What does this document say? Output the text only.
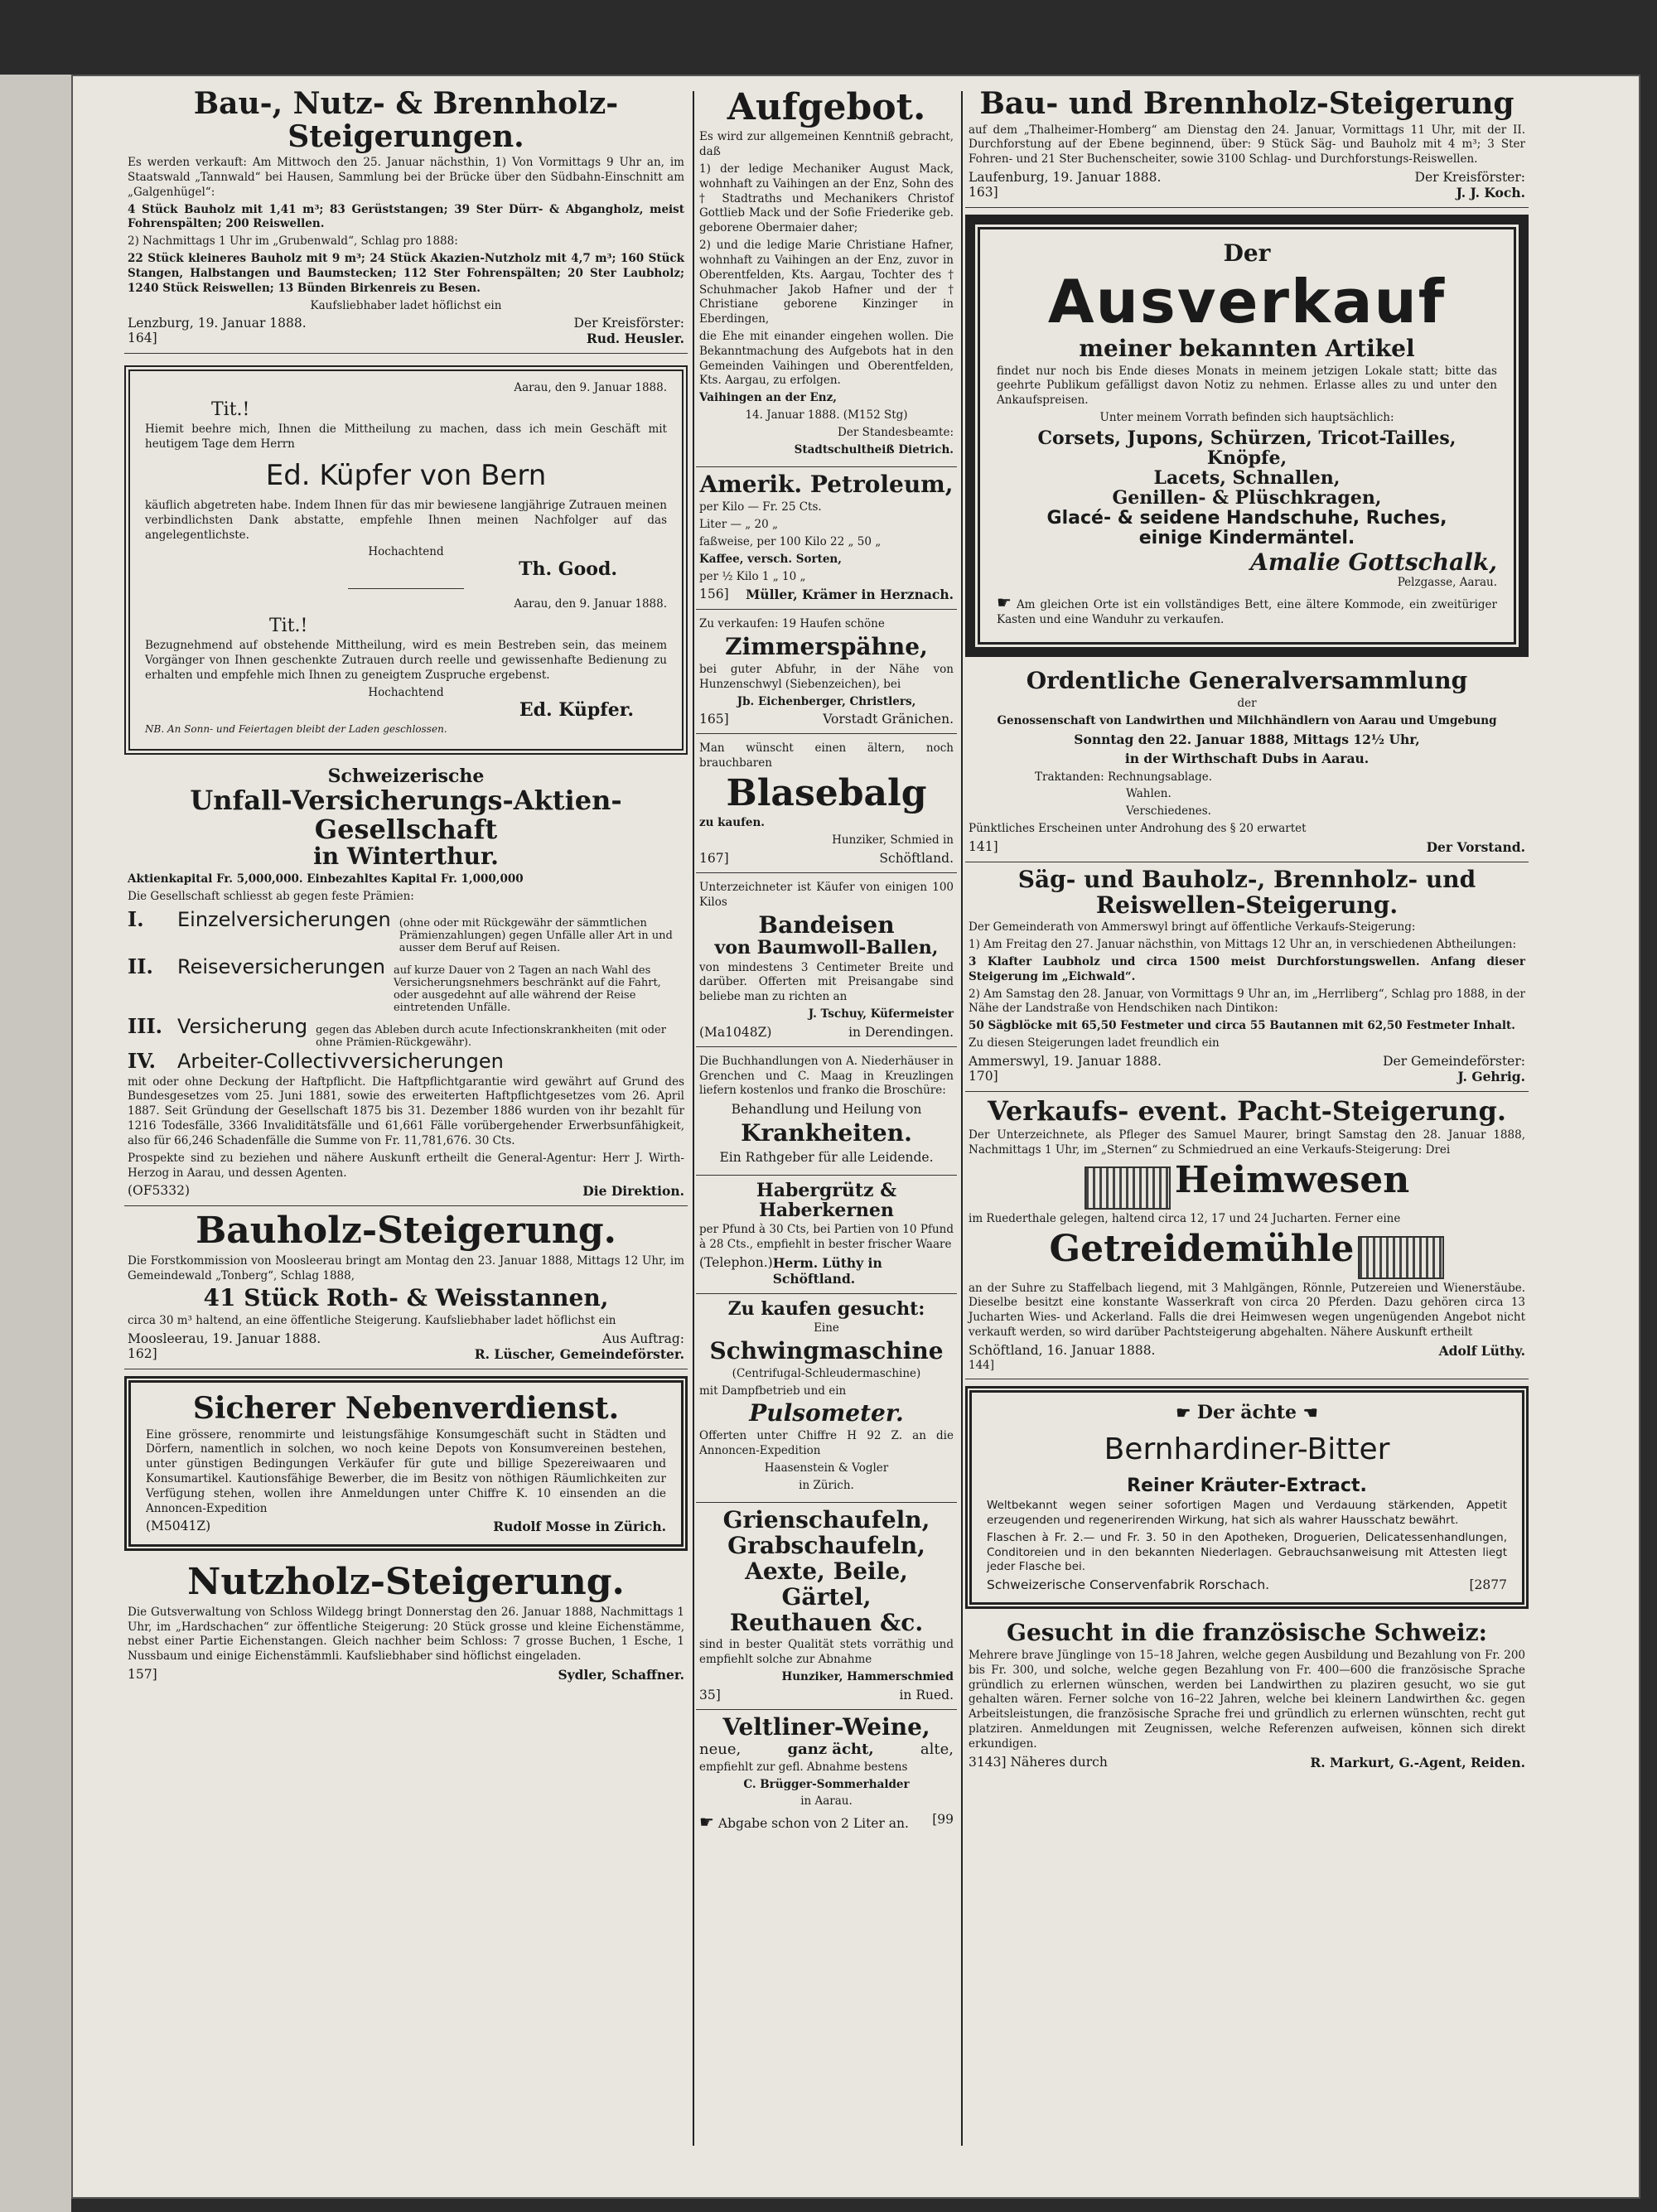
Bau-, Nutz- & Brennholz-Steigerungen.

Es werden verkauft: Am Mittwoch den 25. Januar nächsthin, 1) Von Vormittags 9 Uhr an, im Staatswald „Tannwald“ bei Hausen, Sammlung bei der Brücke über den Südbahn-Einschnitt am „Galgenhügel“:

4 Stück Bauholz mit 1,41 m³; 83 Gerüststangen; 39 Ster Dürr- & Abgangholz, meist Fohrenspälten; 200 Reiswellen.

2) Nachmittags 1 Uhr im „Grubenwald“, Schlag pro 1888:

22 Stück kleineres Bauholz mit 9 m³; 24 Stück Akazien-Nutzholz mit 4,7 m³; 160 Stück Stangen, Halbstangen und Baumstecken; 112 Ster Fohrenspälten; 20 Ster Laubholz; 1240 Stück Reiswellen; 13 Bünden Birkenreis zu Besen.

Kaufsliebhaber ladet höflichst ein

Lenzburg, 19. Januar 1888.	Der Kreisförster:
164]	Rud. Heusler.
Aarau, den 9. Januar 1888.
Tit.!

Hiemit beehre mich, Ihnen die Mittheilung zu machen, dass ich mein Geschäft mit heutigem Tage dem Herrn

Ed. Küpfer von Bern

käuflich abgetreten habe. Indem Ihnen für das mir bewiesene langjährige Zutrauen meinen verbindlichsten Dank abstatte, empfehle Ihnen meinen Nachfolger auf das angelegentlichste.

Hochachtend
Th. Good.
Aarau, den 9. Januar 1888.
Tit.!

Bezugnehmend auf obstehende Mittheilung, wird es mein Bestreben sein, das meinem Vorgänger von Ihnen geschenkte Zutrauen durch reelle und gewissenhafte Bedienung zu erhalten und empfehle mich Ihnen zu geneigtem Zuspruche ergebenst.

Hochachtend
Ed. Küpfer.

NB. An Sonn- und Feiertagen bleibt der Laden geschlossen.

Schweizerische
Unfall-Versicherungs-Aktien-Gesellschaft
in Winterthur.

Aktienkapital Fr. 5,000,000. Einbezahltes Kapital Fr. 1,000,000

Die Gesellschaft schliesst ab gegen feste Prämien:

I.	Einzelversicherungen (ohne oder mit Rückgewähr der sämmtlichen Prämienzahlungen) gegen Unfälle aller Art in und ausser dem Beruf auf Reisen.
II.	Reiseversicherungen auf kurze Dauer von 2 Tagen an nach Wahl des Versicherungsnehmers beschränkt auf die Fahrt, oder ausgedehnt auf alle während der Reise eintretenden Unfälle.
III. Versicherung gegen das Ableben durch acute Infectionskrankheiten (mit oder ohne Prämien-Rückgewähr).
IV.	Arbeiter-Collectivversicherungen

mit oder ohne Deckung der Haftpflicht. Die Haftpflichtgarantie wird gewährt auf Grund des Bundesgesetzes vom 25. Juni 1881, sowie des erweiterten Haftpflichtgesetzes vom 26. April 1887. Seit Gründung der Gesellschaft 1875 bis 31. Dezember 1886 wurden von ihr bezahlt für 1216 Todesfälle, 3366 Invaliditätsfälle und 61,661 Fälle vorübergehender Erwerbsunfähigkeit, also für 66,246 Schadenfälle die Summe von Fr. 11,781,676. 30 Cts.

Prospekte sind zu beziehen und nähere Auskunft ertheilt die General-Agentur: Herr J. Wirth-Herzog in Aarau, und dessen Agenten.

(OF5332)	Die Direktion.
Bauholz-Steigerung.

Die Forstkommission von Moosleerau bringt am Montag den 23. Januar 1888, Mittags 12 Uhr, im Gemeindewald „Tonberg“, Schlag 1888,

41 Stück Roth- & Weisstannen,

circa 30 m³ haltend, an eine öffentliche Steigerung. Kaufsliebhaber ladet höflichst ein

Moosleerau, 19. Januar 1888.	Aus Auftrag:
162]	R. Lüscher, Gemeindeförster.
Sicherer Nebenverdienst.

Eine grössere, renommirte und leistungsfähige Konsumgeschäft sucht in Städten und Dörfern, namentlich in solchen, wo noch keine Depots von Konsumvereinen bestehen, unter günstigen Bedingungen Verkäufer für gute und billige Spezereiwaaren und Konsumartikel. Kautionsfähige Bewerber, die im Besitz von nöthigen Räumlichkeiten zur Verfügung stehen, wollen ihre Anmeldungen unter Chiffre K. 10 einsenden an die Annoncen-Expedition

(M5041Z)	Rudolf Mosse in Zürich.
Nutzholz-Steigerung.

Die Gutsverwaltung von Schloss Wildegg bringt Donnerstag den 26. Januar 1888, Nachmittags 1 Uhr, im „Hardschachen“ zur öffentliche Steigerung: 20 Stück grosse und kleine Eichenstämme, nebst einer Partie Eichenstangen. Gleich nachher beim Schloss: 7 grosse Buchen, 1 Esche, 1 Nussbaum und einige Eichenstämmli. Kaufsliebhaber sind höflichst eingeladen.

157]	Sydler, Schaffner.
Aufgebot.

Es wird zur allgemeinen Kenntniß gebracht, daß

1) der ledige Mechaniker August Mack, wohnhaft zu Vaihingen an der Enz, Sohn des † Stadtraths und Mechanikers Christof Gottlieb Mack und der Sofie Friederike geb. geborene Obermaier daher;

2) und die ledige Marie Christiane Hafner, wohnhaft zu Vaihingen an der Enz, zuvor in Oberentfelden, Kts. Aargau, Tochter des † Schuhmacher Jakob Hafner und der † Christiane geborene Kinzinger in Eberdingen,

die Ehe mit einander eingehen wollen. Die Bekanntmachung des Aufgebots hat in den Gemeinden Vaihingen und Oberentfelden, Kts. Aargau, zu erfolgen.

Vaihingen an der Enz,

14. Januar 1888. (M152 Stg)

Der Standesbeamte:

Stadtschultheiß Dietrich.

Amerik. Petroleum,

per Kilo — Fr. 25 Cts.

Liter — „ 20 „

faßweise, per 100 Kilo 22 „ 50 „

Kaffee, versch. Sorten,

per ½ Kilo 1 „ 10 „

156] Müller, Krämer in Herznach.

Zu verkaufen: 19 Haufen schöne

Zimmerspähne,

bei guter Abfuhr, in der Nähe von Hunzenschwyl (Siebenzeichen), bei

Jb. Eichenberger, Christlers,

165]	Vorstadt Gränichen.

Man wünscht einen ältern, noch brauchbaren

Blasebalg

zu kaufen.

Hunziker, Schmied in

167]	Schöftland.

Unterzeichneter ist Käufer von einigen 100 Kilos

Bandeisen
von Baumwoll-Ballen,

von mindestens 3 Centimeter Breite und darüber. Offerten mit Preisangabe sind beliebe man zu richten an

J. Tschuy, Küfermeister

(Ma1048Z)	in Derendingen.

Die Buchhandlungen von A. Niederhäuser in Grenchen und C. Maag in Kreuzlingen liefern kostenlos und franko die Broschüre:

Behandlung und Heilung von

Krankheiten.

Ein Rathgeber für alle Leidende.

Habergrütz & Haberkernen

per Pfund à 30 Cts, bei Partien von 10 Pfund à 28 Cts., empfiehlt in bester frischer Waare

(Telephon.) Herm. Lüthy in Schöftland.
Zu kaufen gesucht:

Eine

Schwingmaschine

(Centrifugal-Schleudermaschine)

mit Dampfbetrieb und ein

Pulsometer.

Offerten unter Chiffre H 92 Z. an die Annoncen-Expedition

Haasenstein & Vogler

in Zürich.

Grienschaufeln,
Grabschaufeln,
Aexte, Beile, Gärtel,
Reuthauen &c.

sind in bester Qualität stets vorräthig und empfiehlt solche zur Abnahme

Hunziker, Hammerschmied

35]	in Rued.
Veltliner-Weine,
neue,	ganz ächt,	alte,

empfiehlt zur gefl. Abnahme bestens

C. Brügger-Sommerhalder

in Aarau.

☛ Abgabe schon von 2 Liter an. [99
Bau- und Brennholz-Steigerung

auf dem „Thalheimer-Homberg“ am Dienstag den 24. Januar, Vormittags 11 Uhr, mit der II. Durchforstung auf der Ebene beginnend, über: 9 Stück Säg- und Bauholz mit 4 m³; 3 Ster Fohren- und 21 Ster Buchenscheiter, sowie 3100 Schlag- und Durchforstungs-Reiswellen.

Laufenburg, 19. Januar 1888.	Der Kreisförster:
163]	J. J. Koch.
Der
Ausverkauf
meiner bekannten Artikel

findet nur noch bis Ende dieses Monats in meinem jetzigen Lokale statt; bitte das geehrte Publikum gefälligst davon Notiz zu nehmen. Erlasse alles zu und unter den Ankaufspreisen.

Unter meinem Vorrath befinden sich hauptsächlich:

Corsets, Jupons, Schürzen, Tricot-Tailles, Knöpfe,
Lacets, Schnallen,
Genillen- & Plüschkragen,
Glacé- & seidene Handschuhe, Ruches,
einige Kindermäntel.
Amalie Gottschalk,
Pelzgasse, Aarau.

☛ Am gleichen Orte ist ein vollständiges Bett, eine ältere Kommode, ein zweitüriger Kasten und eine Wanduhr zu verkaufen.

Ordentliche Generalversammlung

der

Genossenschaft von Landwirthen und Milchhändlern von Aarau und Umgebung

Sonntag den 22. Januar 1888, Mittags 12½ Uhr,

in der Wirthschaft Dubs in Aarau.

Traktanden: Rechnungsablage.

Wahlen.

Verschiedenes.

Pünktliches Erscheinen unter Androhung des § 20 erwartet

141]	Der Vorstand.
Säg- und Bauholz-, Brennholz- und Reiswellen-Steigerung.

Der Gemeinderath von Ammerswyl bringt auf öffentliche Verkaufs-Steigerung:

1) Am Freitag den 27. Januar nächsthin, von Mittags 12 Uhr an, in verschiedenen Abtheilungen:

3 Klafter Laubholz und circa 1500 meist Durchforstungswellen. Anfang dieser Steigerung im „Eichwald“.

2) Am Samstag den 28. Januar, von Vormittags 9 Uhr an, im „Herrliberg“, Schlag pro 1888, in der Nähe der Landstraße von Hendschiken nach Dintikon:

50 Sägblöcke mit 65,50 Festmeter und circa 55 Bautannen mit 62,50 Festmeter Inhalt.

Zu diesen Steigerungen ladet freundlich ein

Ammerswyl, 19. Januar 1888.	Der Gemeindeförster:
170]	J. Gehrig.
Verkaufs- event. Pacht-Steigerung.

Der Unterzeichnete, als Pfleger des Samuel Maurer, bringt Samstag den 28. Januar 1888, Nachmittags 1 Uhr, im „Sternen“ zu Schmiedrued an eine Verkaufs-Steigerung: Drei

Heimwesen

im Ruederthale gelegen, haltend circa 12, 17 und 24 Jucharten. Ferner eine

Getreidemühle

an der Suhre zu Staffelbach liegend, mit 3 Mahlgängen, Rönnle, Putzereien und Wienerstäube. Dieselbe besitzt eine konstante Wasserkraft von circa 20 Pferden. Dazu gehören circa 13 Jucharten Wies- und Ackerland. Falls die drei Heimwesen wegen ungenügenden Angebot nicht verkauft werden, so wird darüber Pachtsteigerung abgehalten. Nähere Auskunft ertheilt

Schöftland, 16. Januar 1888.	Adolf Lüthy.
144]
☛ Der ächte ☚
Bernhardiner-Bitter
Reiner Kräuter-Extract.

Weltbekannt wegen seiner sofortigen Magen und Verdauung stärkenden, Appetit erzeugenden und regenerirenden Wirkung, hat sich als wahrer Hausschatz bewährt.

Flaschen à Fr. 2.— und Fr. 3. 50 in den Apotheken, Droguerien, Delicatessenhandlungen, Conditoreien und in den bekannten Niederlagen. Gebrauchsanweisung mit Attesten liegt jeder Flasche bei.

Schweizerische Conservenfabrik Rorschach.	[2877
Gesucht in die französische Schweiz:

Mehrere brave Jünglinge von 15–18 Jahren, welche gegen Ausbildung und Bezahlung von Fr. 200 bis Fr. 300, und solche, welche gegen Bezahlung von Fr. 400—600 die französische Sprache gründlich zu erlernen wünschen, werden bei Landwirthen zu plaziren gesucht, wo sie gut gehalten wären. Ferner solche von 16–22 Jahren, welche bei kleinern Landwirthen &c. gegen Arbeitsleistungen, die französische Sprache frei und gründlich zu erlernen wünschten, recht gut platziren. Anmeldungen mit Zeugnissen, welche Referenzen aufweisen, können sich direkt erkundigen.

3143] Näheres durch	R. Markurt, G.-Agent, Reiden.
